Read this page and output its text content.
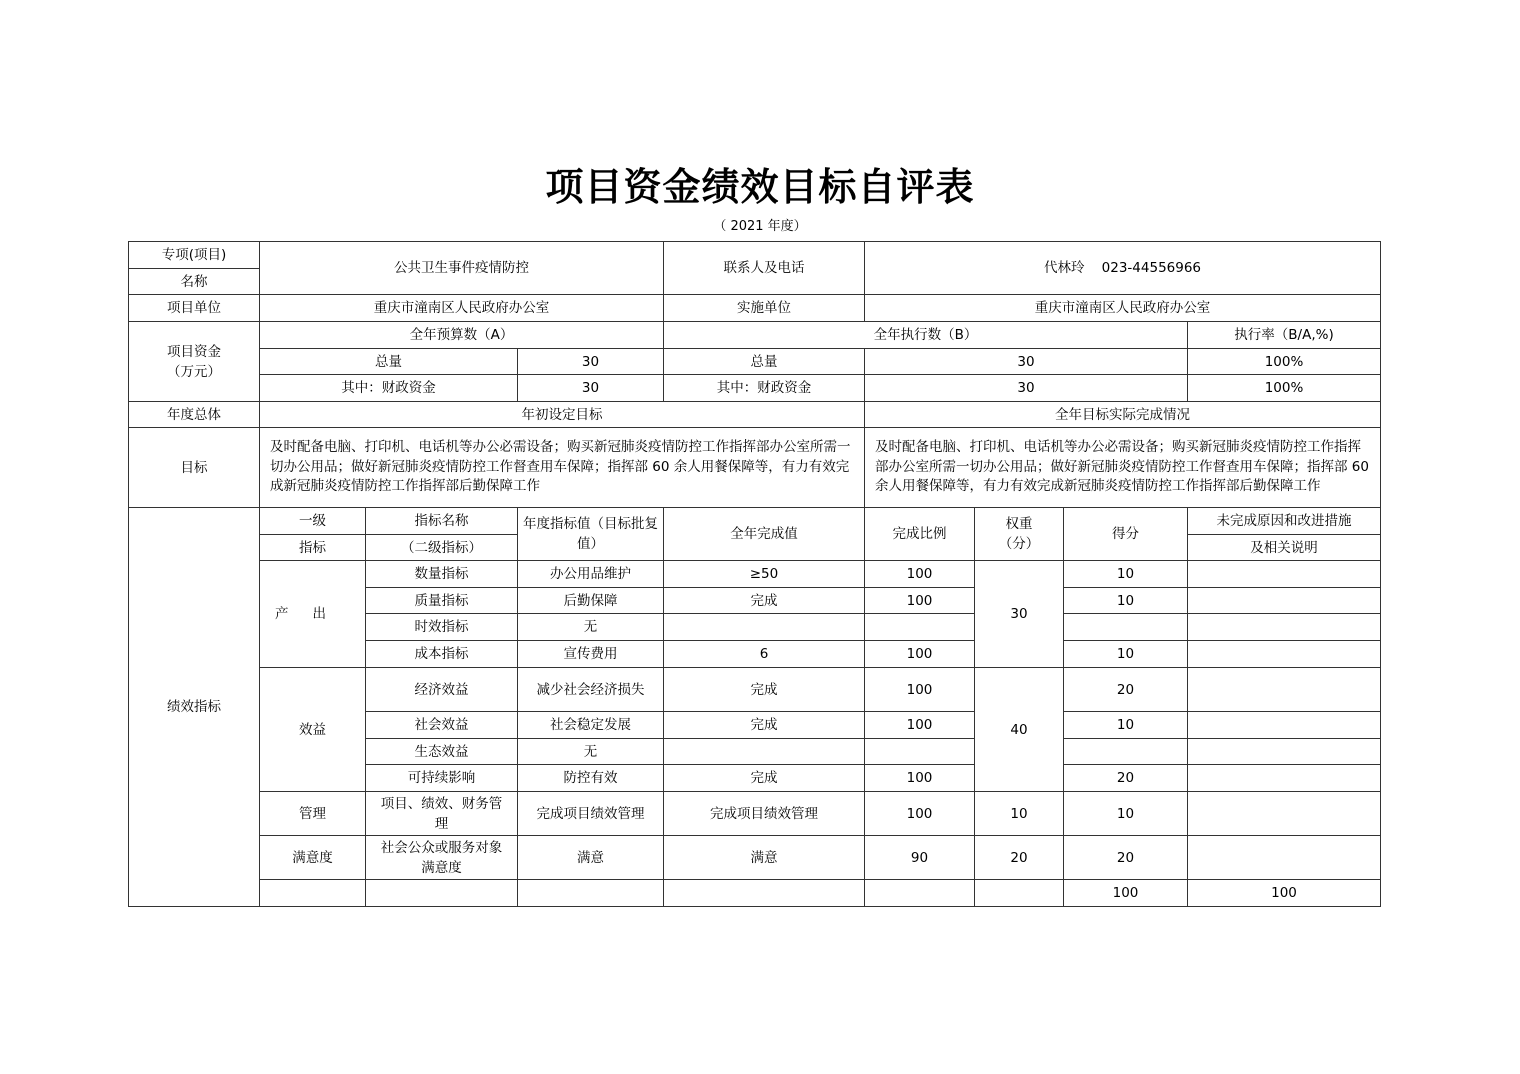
项目资金绩效目标自评表
（ 2021 年度）
专项(项目)	公共卫生事件疫情防控			联系人及电话	代林玲    023-44556966				
名称									
项目单位	重庆市潼南区人民政府办公室			实施单位	重庆市潼南区人民政府办公室				
项目资金（万元）	全年预算数（A）			全年执行数（B）				执行率（B/A,%)	
	总量		30	总量	30			100%	
	其中：财政资金		30	其中：财政资金	30			100%	
年度总体	年初设定目标				全年目标实际完成情况				
目标	及时配备电脑、打印机、电话机等办公必需设备；购买新冠肺炎疫情防控工作指挥部办公室所需一切办公用品；做好新冠肺炎疫情防控工作督查用车保障；指挥部 60 余人用餐保障等，有力有效完成新冠肺炎疫情防控工作指挥部后勤保障工作				及时配备电脑、打印机、电话机等办公必需设备；购买新冠肺炎疫情防控工作指挥部办公室所需一切办公用品；做好新冠肺炎疫情防控工作督查用车保障；指挥部 60 余人用餐保障等，有力有效完成新冠肺炎疫情防控工作指挥部后勤保障工作				
绩效指标	一级	指标名称	年度指标值（目标批复值）	全年完成值	完成比例	权重（分）	得分	未完成原因和改进措施	
	指标	（二级指标）						及相关说明	
	产出	数量指标	办公用品维护	≥50	100	30	10		
		质量指标	后勤保障	完成	100		10		
		时效指标	无						
		成本指标	宣传费用	6	100		10		
	效益	经济效益	减少社会经济损失	完成	100	40	20		
		社会效益	社会稳定发展	完成	100		10		
		生态效益	无						
		可持续影响	防控有效	完成	100		20		
	管理	项目、绩效、财务管理	完成项目绩效管理	完成项目绩效管理	100	10	10		
	满意度	社会公众或服务对象满意度	满意	满意	90	20	20		
							100	100	
